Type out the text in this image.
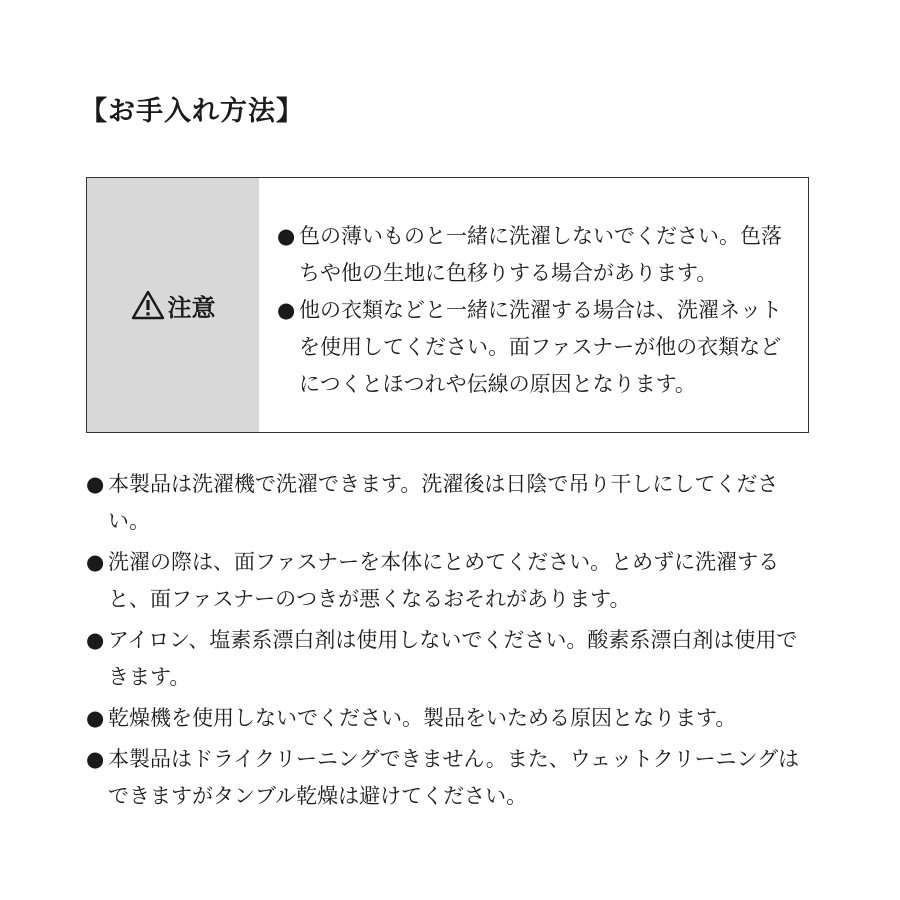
【お手入れ方法】
注意
● 色の薄いものと一緒に洗濯しないでください。色落ちや他の生地に色移りする場合があります。
● 他の衣類などと一緒に洗濯する場合は、洗濯ネットを使用してください。面ファスナーが他の衣類などにつくとほつれや伝線の原因となります。
● 本製品は洗濯機で洗濯できます。洗濯後は日陰で吊り干しにしてください。
● 洗濯の際は、面ファスナーを本体にとめてください。とめずに洗濯すると、面ファスナーのつきが悪くなるおそれがあります。
● アイロン、塩素系漂白剤は使用しないでください。酸素系漂白剤は使用できます。
● 乾燥機を使用しないでください。製品をいためる原因となります。
● 本製品はドライクリーニングできません。また、ウェットクリーニングはできますがタンブル乾燥は避けてください。
